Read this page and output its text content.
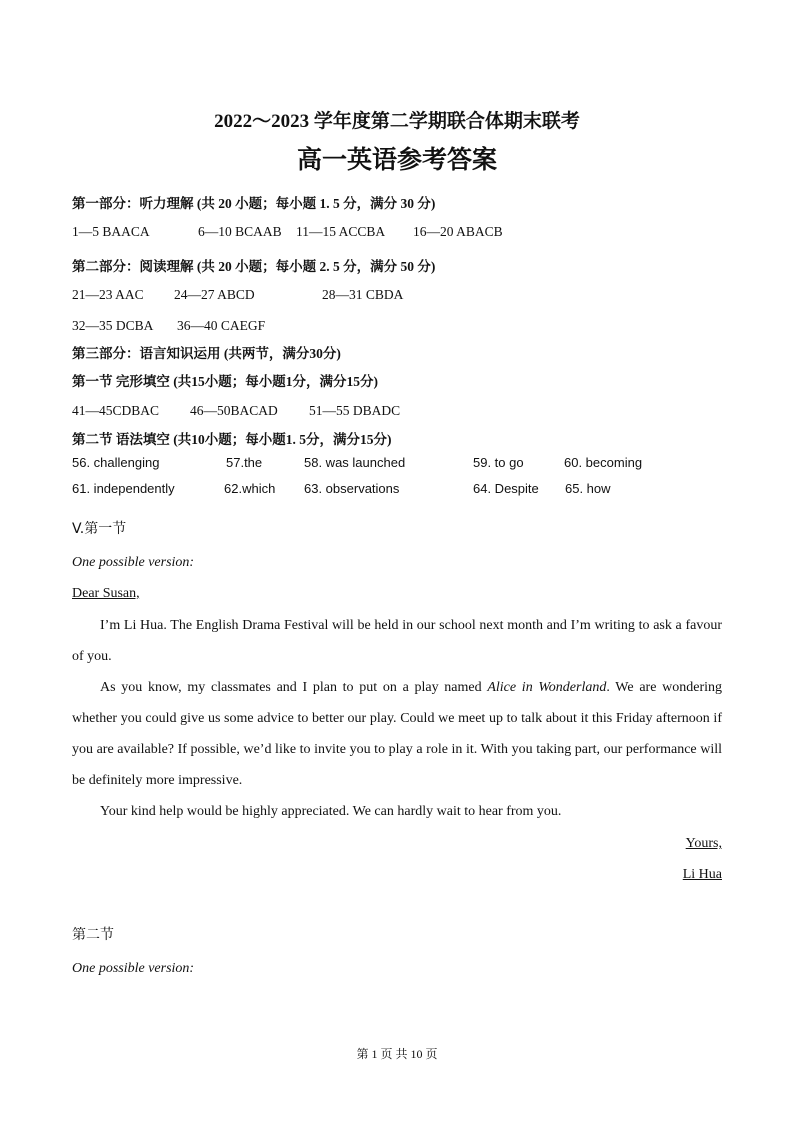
2022～2023 学年度第二学期联合体期末联考
高一英语参考答案
第一部分：听力理解 (共 20 小题；每小题 1. 5 分，满分 30 分)
1—5 BAACA	6—10 BCAAB 11—15 ACCBA 16—20 ABACB
第二部分：阅读理解 (共 20 小题；每小题 2. 5 分，满分 50 分)
21—23 AAC 24—27 ABCD	28—31 CBDA
32—35 DCBA 36—40 CAEGF
第三部分：语言知识运用 (共两节，满分30分)
第一节 完形填空 (共15小题；每小题1分，满分15分)
41—45CDBAC 46—50BACAD 51—55 DBADC
第二节 语法填空 (共10小题；每小题1. 5分，满分15分)
56. challenging	57.the	58. was launched	59. to go	60. becoming
61. independently	62.which 63. observations	64. Despite 65. how
V.第一节
One possible version:
Dear Susan,
I’m Li Hua. The English Drama Festival will be held in our school next month and I’m writing to ask a favour of you.
As you know, my classmates and I plan to put on a play named Alice in Wonderland. We are wondering whether you could give us some advice to better our play. Could we meet up to talk about it this Friday afternoon if you are available? If possible, we’d like to invite you to play a role in it. With you taking part, our performance will be definitely more impressive.
Your kind help would be highly appreciated. We can hardly wait to hear from you.
Yours,
Li Hua
第二节
One possible version:
第 1 页 共 10 页
